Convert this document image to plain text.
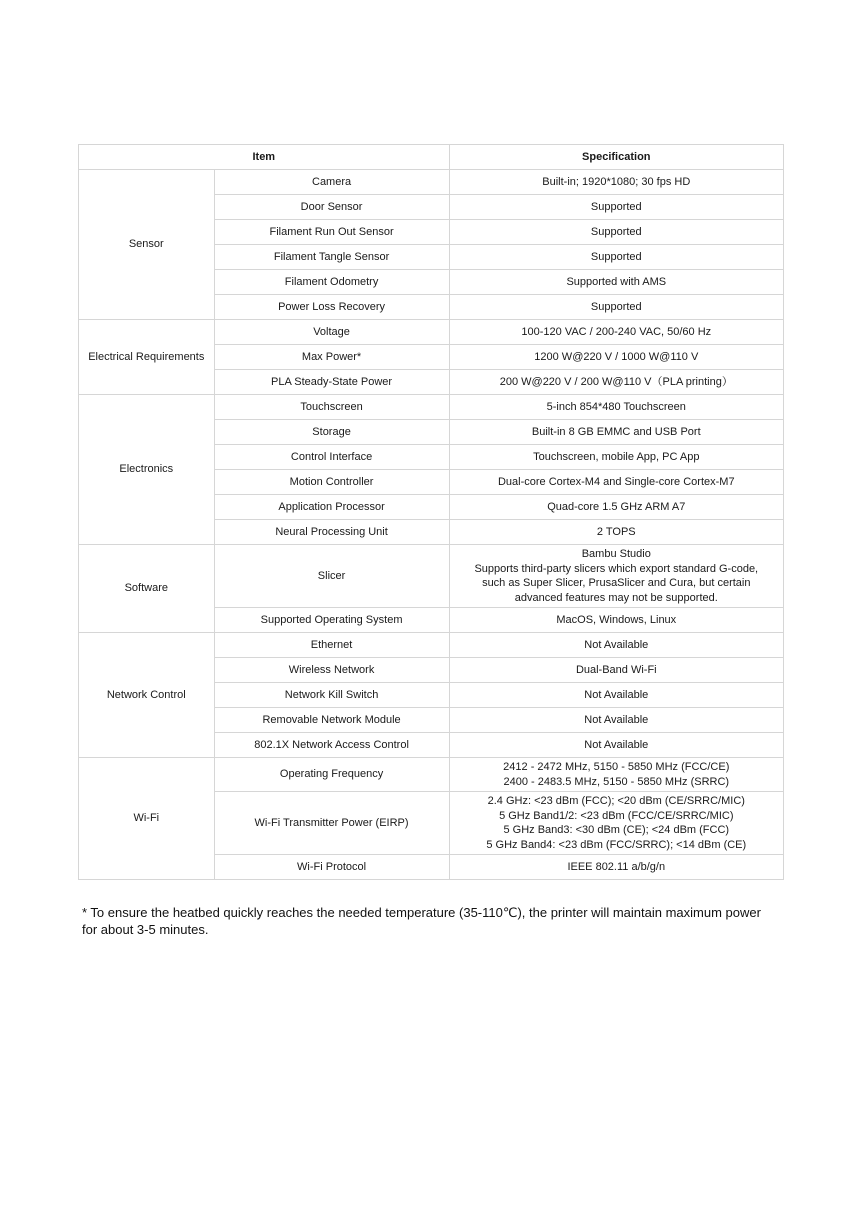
Item		Specification
Sensor	Camera	Built-in; 1920*1080; 30 fps HD

	Door Sensor	Supported

	Filament Run Out Sensor	Supported

	Filament Tangle Sensor	Supported

	Filament Odometry	Supported with AMS

	Power Loss Recovery	Supported

Electrical Requirements	Voltage	100-120 VAC / 200-240 VAC, 50/60 Hz

	Max Power*	1200 W@220 V / 1000 W@110 V

	PLA Steady-State Power	200 W@220 V / 200 W@110 V（PLA printing）

Electronics	Touchscreen	5-inch 854*480 Touchscreen

	Storage	Built-in 8 GB EMMC and USB Port

	Control Interface	Touchscreen, mobile App, PC App

	Motion Controller	Dual-core Cortex-M4 and Single-core Cortex-M7

	Application Processor	Quad-core 1.5 GHz ARM A7

	Neural Processing Unit	2 TOPS

Software	Slicer	Bambu Studio
Supports third-party slicers which export standard G-code,
such as Super Slicer, PrusaSlicer and Cura, but certain
advanced features may not be supported.

	Supported Operating System	MacOS, Windows, Linux

Network Control	Ethernet	Not Available

	Wireless Network	Dual-Band Wi-Fi

	Network Kill Switch	Not Available

	Removable Network Module	Not Available

	802.1X Network Access Control	Not Available

Wi-Fi	Operating Frequency	2412 - 2472 MHz, 5150 - 5850 MHz (FCC/CE)
2400 - 2483.5 MHz, 5150 - 5850 MHz (SRRC)

	Wi-Fi Transmitter Power (EIRP)	2.4 GHz: <23 dBm (FCC); <20 dBm (CE/SRRC/MIC)
5 GHz Band1/2: <23 dBm (FCC/CE/SRRC/MIC)
5 GHz Band3: <30 dBm (CE); <24 dBm (FCC)
5 GHz Band4: <23 dBm (FCC/SRRC); <14 dBm (CE)

	Wi-Fi Protocol	IEEE 802.11 a/b/g/n
* To ensure the heatbed quickly reaches the needed temperature (35-110℃), the printer will maintain maximum power for about 3-5 minutes.
